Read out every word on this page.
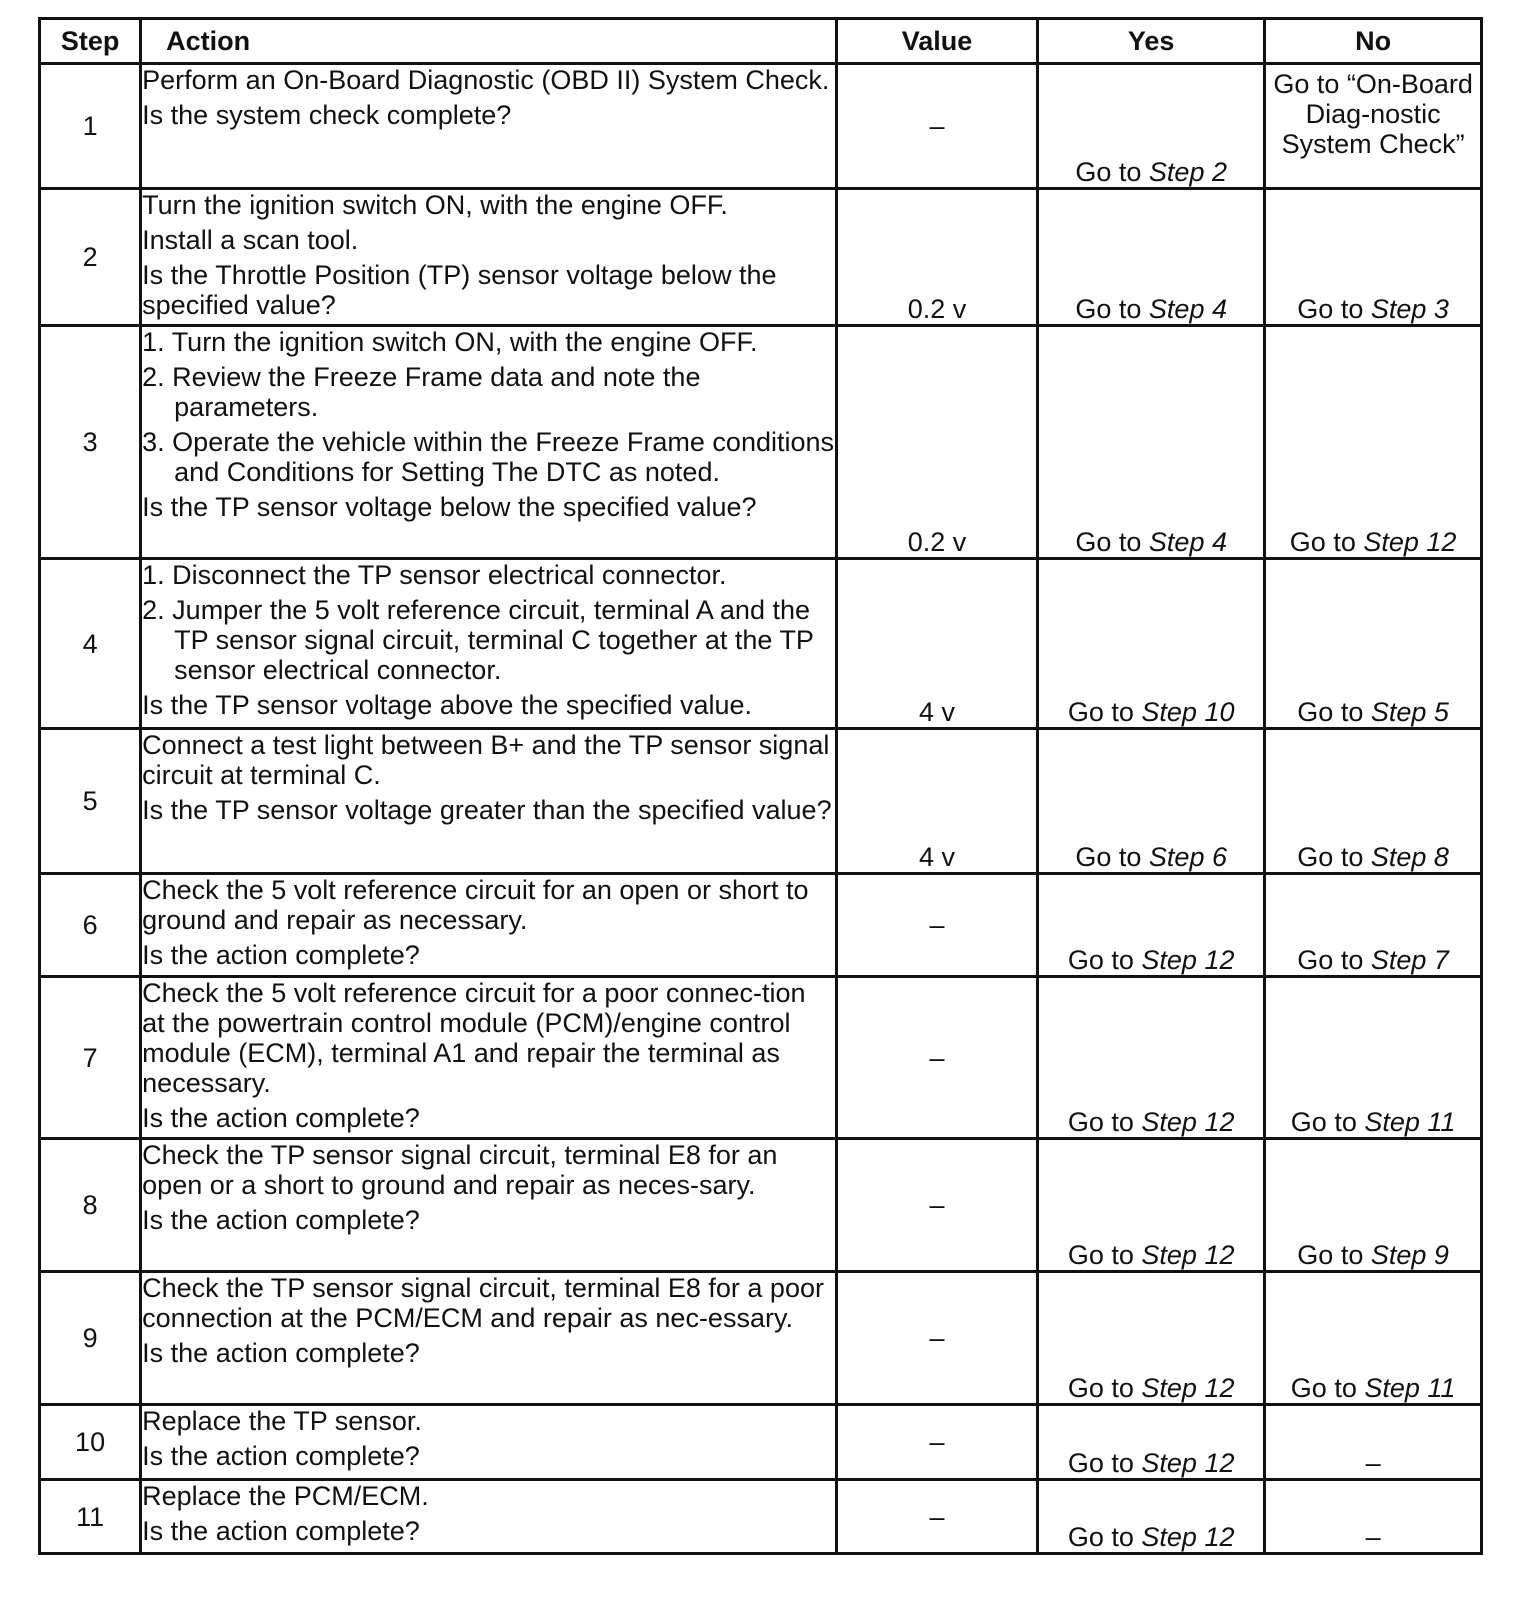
Step	Action	Value	Yes	No
1	Perform an On-Board Diagnostic (OBD II) System Check.
Is the system check complete?	–	Go to Step 2	Go to “On-Board Diag-nostic System Check”
2	Turn the ignition switch ON, with the engine OFF.
Install a scan tool.
Is the Throttle Position (TP) sensor voltage below the specified value?	0.2 v	Go to Step 4	Go to Step 3
3	1. Turn the ignition switch ON, with the engine OFF.
2. Review the Freeze Frame data and note the parameters.
3. Operate the vehicle within the Freeze Frame conditions and Conditions for Setting The DTC as noted.
Is the TP sensor voltage below the specified value?	0.2 v	Go to Step 4	Go to Step 12
4	1. Disconnect the TP sensor electrical connector.
2. Jumper the 5 volt reference circuit, terminal A and the TP sensor signal circuit, terminal C together at the TP sensor electrical connector.
Is the TP sensor voltage above the specified value.	4 v	Go to Step 10	Go to Step 5
5	Connect a test light between B+ and the TP sensor signal circuit at terminal C.
Is the TP sensor voltage greater than the specified value?	4 v	Go to Step 6	Go to Step 8
6	Check the 5 volt reference circuit for an open or short to ground and repair as necessary.
Is the action complete?	–	Go to Step 12	Go to Step 7
7	Check the 5 volt reference circuit for a poor connec-tion at the powertrain control module (PCM)/engine control module (ECM), terminal A1 and repair the terminal as necessary.
Is the action complete?	–	Go to Step 12	Go to Step 11
8	Check the TP sensor signal circuit, terminal E8 for an open or a short to ground and repair as neces-sary.
Is the action complete?	–	Go to Step 12	Go to Step 9
9	Check the TP sensor signal circuit, terminal E8 for a poor connection at the PCM/ECM and repair as nec-essary.
Is the action complete?	–	Go to Step 12	Go to Step 11
10	Replace the TP sensor.
Is the action complete?	–	Go to Step 12	–
11	Replace the PCM/ECM.
Is the action complete?	–	Go to Step 12	–
